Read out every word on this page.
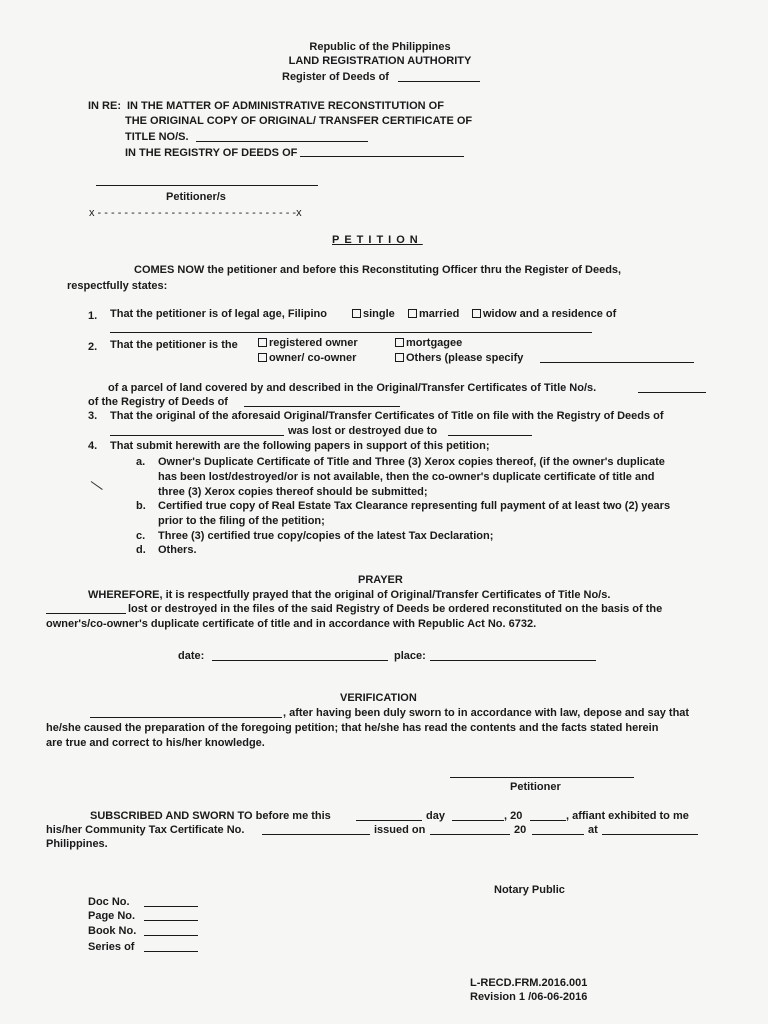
Republic of the Philippines
LAND REGISTRATION AUTHORITY
Register of Deeds of
IN RE: IN THE MATTER OF ADMINISTRATIVE RECONSTITUTION OF
THE ORIGINAL COPY OF ORIGINAL/ TRANSFER CERTIFICATE OF
TITLE NO/S.
IN THE REGISTRY OF DEEDS OF
Petitioner/s
x - - - - - - - - - - - - - - - - - - - - - - - - - - - - - -x
PETITION
COMES NOW the petitioner and before this Reconstituting Officer thru the Register of Deeds,
respectfully states:
1. That the petitioner is of legal age, Filipino	single	married	widow and a residence of
2. That the petitioner is the	registered owner	mortgagee
owner/ co-owner	Others (please specify
of a parcel of land covered by and described in the Original/Transfer Certificates of Title No/s.
of the Registry of Deeds of
3. That the original of the aforesaid Original/Transfer Certificates of Title on file with the Registry of Deeds of
was lost or destroyed due to
4. That submit herewith are the following papers in support of this petition;
a. Owner's Duplicate Certificate of Title and Three (3) Xerox copies thereof, (if the owner's duplicate
has been lost/destroyed/or is not available, then the co-owner's duplicate certificate of title and
three (3) Xerox copies thereof should be submitted;
b. Certified true copy of Real Estate Tax Clearance representing full payment of at least two (2) years
prior to the filing of the petition;
c. Three (3) certified true copy/copies of the latest Tax Declaration;
d. Others.
PRAYER
WHEREFORE, it is respectfully prayed that the original of Original/Transfer Certificates of Title No/s.
lost or destroyed in the files of the said Registry of Deeds be ordered reconstituted on the basis of the
owner's/co-owner's duplicate certificate of title and in accordance with Republic Act No. 6732.
date:	place:
VERIFICATION
, after having been duly sworn to in accordance with law, depose and say that
he/she caused the preparation of the foregoing petition; that he/she has read the contents and the facts stated herein
are true and correct to his/her knowledge.
Petitioner
SUBSCRIBED AND SWORN TO before me this	day	, 20	, affiant exhibited to me
his/her Community Tax Certificate No.	issued on	20	at
Philippines.
Notary Public
Doc No.
Page No.
Book No.
Series of
L-RECD.FRM.2016.001
Revision 1 /06-06-2016
